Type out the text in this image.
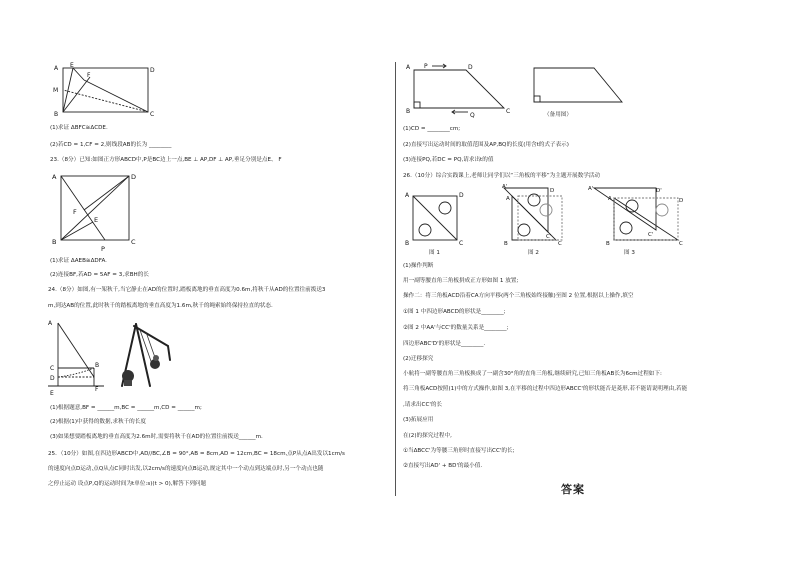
A E
F
D
M
B	C
(1)求证 ΔBFC≅ΔCDE.
(2)若CD = 1,CF = 2,则线段AB的长为 ________
23.（8分）已知:如图正方形ABCD中,P是BC边上一点,BE ⊥ AP,DF ⊥ AP,垂足分别是点E、 F
A	D
F
E
B	C
P
(1)求证 ΔAEB≅ΔDFA.
(2)连接BF,若AD = 5AF = 3,求BH的长
24.（8分）如图,有一架秋千,当它静止在AD的位置时,踏板离地的垂直高度为0.6m,将秋千从AD的位置往前拨送3
m,到达AB的位置,此时秋千的踏板离地的垂直高度为1.6m,秋千的绳索始终保持拉直的状态.
A
C
D
B
F
E
(1)根据题意,BF = ______m,BC = ______m,CD = ______m;
(2)根据(1)中获得的数据,求秋千的长度
(3)如果想要踏板离地的垂直高度为2.6m时,需要将秋千在AD的位置往前拨送______m.
25．（10分）如图,在四边形ABCD中,AD//BC,∠B = 90°,AB = 8cm,AD = 12cm,BC = 18cm,点P从点A出发以1cm/s
的速度向点D运动,点Q从点C同时出发,以2cm/s的速度向点B运动,规定其中一个动点到达端点时,另一个动点也随
之停止运动 设点P,Q的运动时间为t单位:s)(t > 0),解答下列问题
A P	D
B
Q
C	（备用图）
(1)CD = ________cm;
(2)直接写出运动时间的取值范围及AP,BQ的长度(用含t的式子表示)
(3)连接PQ,若DC = PQ,请求出t的值
26.（10分）综合实践课上,老师让同学们以“三角板的平移”为主题开展数学活动
A	D
B	C
A'
A
D
B
C'
C
A'
A
D'
D
B
C'
C
图 1	图 2	图 3
(1)操作判断
用一副等腰直角三角板拼成正方形如图 1 放置;
操作二：将三角板ACD沿着CA方向平移(两个三角板始终接触)至图 2 位置,根据以上操作,填空
①图 1 中四边形ABCD的形状是________;
②图 2 中AA'与CC'的数量关系是________;
四边形ABC'D'的形状是________.
(2)迁移探究
小航将一副等腰直角三角板换成了一副含30°角的直角三角板,继续研究,已知三角板AB长为6cm过程如下:
将三角板ACD按照(1)中的方式操作,如图 3,在平移的过程中四边形ABCC'的形状能否是菱形,若不能请说明理由,若能
,请求出CC'的长
(3)拓展应用
在(2)的探究过程中,
①当ΔBCC'为等腰三角形时直接写出CC'的长;
②直接写出AD' + BD'的最小值.
答案
